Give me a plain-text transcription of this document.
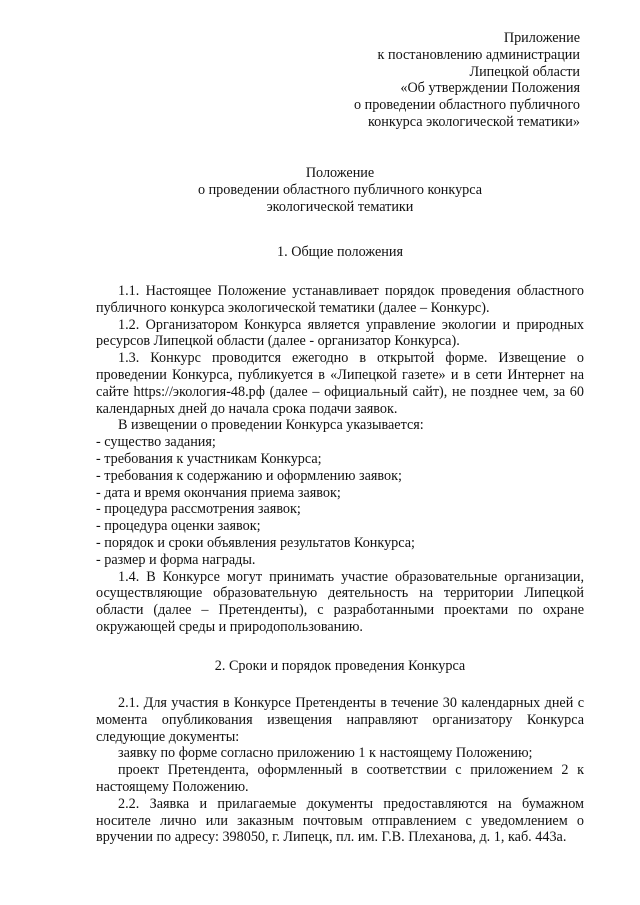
Приложение
к постановлению администрации
Липецкой области
«Об утверждении Положения
о проведении областного публичного
конкурса экологической тематики»
Положение
о проведении областного публичного конкурса
экологической тематики
1. Общие положения

1.1. Настоящее Положение устанавливает порядок проведения областного публичного конкурса экологической тематики (далее – Конкурс).

1.2. Организатором Конкурса является управление экологии и природных ресурсов Липецкой области (далее - организатор Конкурса).

1.3. Конкурс проводится ежегодно в открытой форме. Извещение о проведении Конкурса, публикуется в «Липецкой газете» и в сети Интернет на сайте https://экология-48.рф (далее – официальный сайт), не позднее чем, за 60 календарных дней до начала срока подачи заявок.

В извещении о проведении Конкурса указывается:

- существо задания;
- требования к участникам Конкурса;
- требования к содержанию и оформлению заявок;
- дата и время окончания приема заявок;
- процедура рассмотрения заявок;
- процедура оценки заявок;
- порядок и сроки объявления результатов Конкурса;
- размер и форма награды.

1.4. В Конкурсе могут принимать участие образовательные организации, осуществляющие образовательную деятельность на территории Липецкой области (далее – Претенденты), с разработанными проектами по охране окружающей среды и природопользованию.

2. Сроки и порядок проведения Конкурса

2.1. Для участия в Конкурсе Претенденты в течение 30 календарных дней с момента опубликования извещения направляют организатору Конкурса следующие документы:

заявку по форме согласно приложению 1 к настоящему Положению;

проект Претендента, оформленный в соответствии с приложением 2 к настоящему Положению.

2.2. Заявка и прилагаемые документы предоставляются на бумажном носителе лично или заказным почтовым отправлением с уведомлением о вручении по адресу: 398050, г. Липецк, пл. им. Г.В. Плеханова, д. 1, каб. 443а.
